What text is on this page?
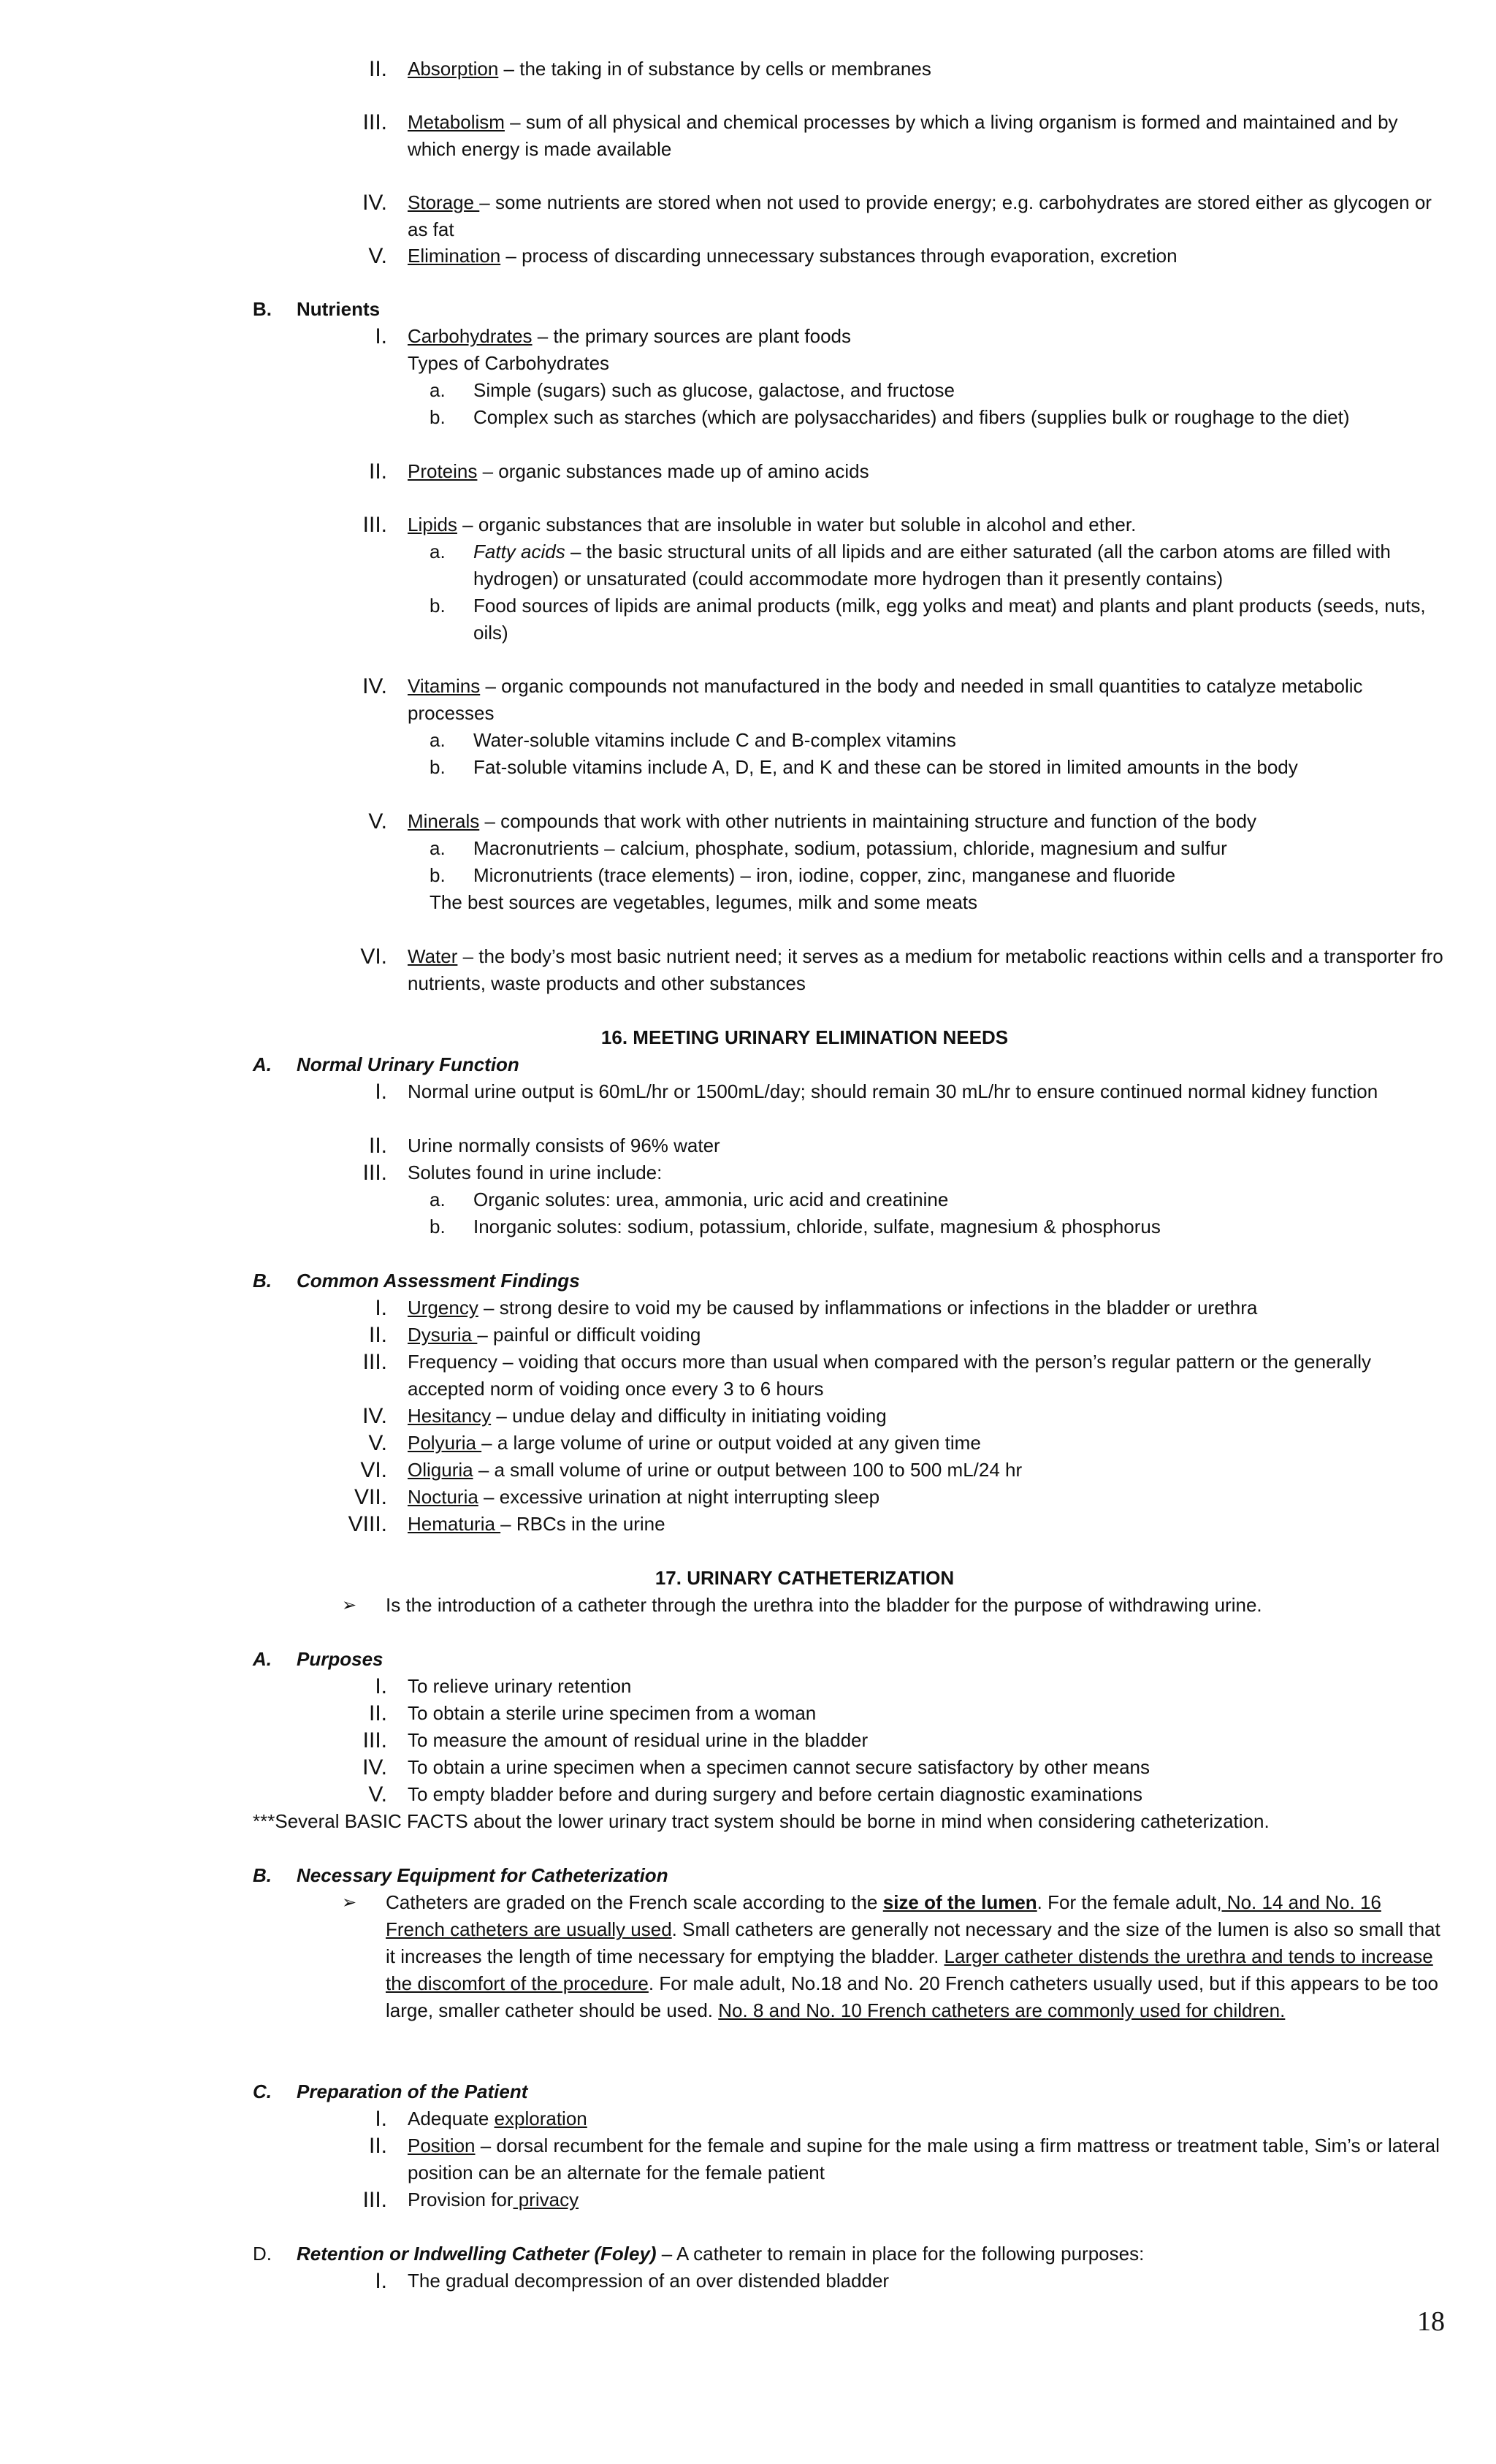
II. Absorption – the taking in of substance by cells or membranes
III. Metabolism – sum of all physical and chemical processes by which a living organism is formed and maintained and by which energy is made available
IV. Storage – some nutrients are stored when not used to provide energy; e.g. carbohydrates are stored either as glycogen or as fat
V. Elimination – process of discarding unnecessary substances through evaporation, excretion
B. Nutrients
I. Carbohydrates – the primary sources are plant foods
Types of Carbohydrates
a.	Simple (sugars) such as glucose, galactose, and fructose
b.	Complex such as starches (which are polysaccharides) and fibers (supplies bulk or roughage to the diet)
II. Proteins – organic substances made up of amino acids
III. Lipids – organic substances that are insoluble in water but soluble in alcohol and ether.
a.	Fatty acids – the basic structural units of all lipids and are either saturated (all the carbon atoms are filled with hydrogen) or unsaturated (could accommodate more hydrogen than it presently contains)
b.	Food sources of lipids are animal products (milk, egg yolks and meat) and plants and plant products (seeds, nuts, oils)
IV. Vitamins – organic compounds not manufactured in the body and needed in small quantities to catalyze metabolic processes
a.	Water-soluble vitamins include C and B-complex vitamins
b.	Fat-soluble vitamins include A, D, E, and K and these can be stored in limited amounts in the body
V. Minerals – compounds that work with other nutrients in maintaining structure and function of the body
a.	Macronutrients – calcium, phosphate, sodium, potassium, chloride, magnesium and sulfur
b.	Micronutrients (trace elements) – iron, iodine, copper, zinc, manganese and fluoride
The best sources are vegetables, legumes, milk and some meats
VI. Water – the body’s most basic nutrient need; it serves as a medium for metabolic reactions within cells and a transporter fro nutrients, waste products and other substances
16. MEETING URINARY ELIMINATION NEEDS
A. Normal Urinary Function
I. Normal urine output is 60mL/hr or 1500mL/day; should remain 30 mL/hr to ensure continued normal kidney function
II. Urine normally consists of 96% water
III. Solutes found in urine include:
a.	Organic solutes: urea, ammonia, uric acid and creatinine
b.	Inorganic solutes: sodium, potassium, chloride, sulfate, magnesium & phosphorus
B. Common Assessment Findings
I. Urgency – strong desire to void my be caused by inflammations or infections in the bladder or urethra
II. Dysuria – painful or difficult voiding
III. Frequency – voiding that occurs more than usual when compared with the person’s regular pattern or the generally accepted norm of voiding once every 3 to 6 hours
IV. Hesitancy – undue delay and difficulty in initiating voiding
V. Polyuria – a large volume of urine or output voided at any given time
VI. Oliguria – a small volume of urine or output between 100 to 500 mL/24 hr
VII. Nocturia – excessive urination at night interrupting sleep
VIII. Hematuria – RBCs in the urine
17. URINARY CATHETERIZATION
➢ Is the introduction of a catheter through the urethra into the bladder for the purpose of withdrawing urine.
A. Purposes
I. To relieve urinary retention
II. To obtain a sterile urine specimen from a woman
III. To measure the amount of residual urine in the bladder
IV. To obtain a urine specimen when a specimen cannot secure satisfactory by other means
V. To empty bladder before and during surgery and before certain diagnostic examinations
***Several BASIC FACTS about the lower urinary tract system should be borne in mind when considering catheterization.
B. Necessary Equipment for Catheterization
➢ Catheters are graded on the French scale according to the size of the lumen. For the female adult, No. 14 and No. 16 French catheters are usually used. Small catheters are generally not necessary and the size of the lumen is also so small that it increases the length of time necessary for emptying the bladder. Larger catheter distends the urethra and tends to increase the discomfort of the procedure. For male adult, No.18 and No. 20 French catheters usually used, but if this appears to be too large, smaller catheter should be used. No. 8 and No. 10 French catheters are commonly used for children.
C. Preparation of the Patient
I. Adequate exploration
II. Position – dorsal recumbent for the female and supine for the male using a firm mattress or treatment table, Sim’s or lateral position can be an alternate for the female patient
III. Provision for privacy
D. Retention or Indwelling Catheter (Foley) – A catheter to remain in place for the following purposes:
I. The gradual decompression of an over distended bladder
18
